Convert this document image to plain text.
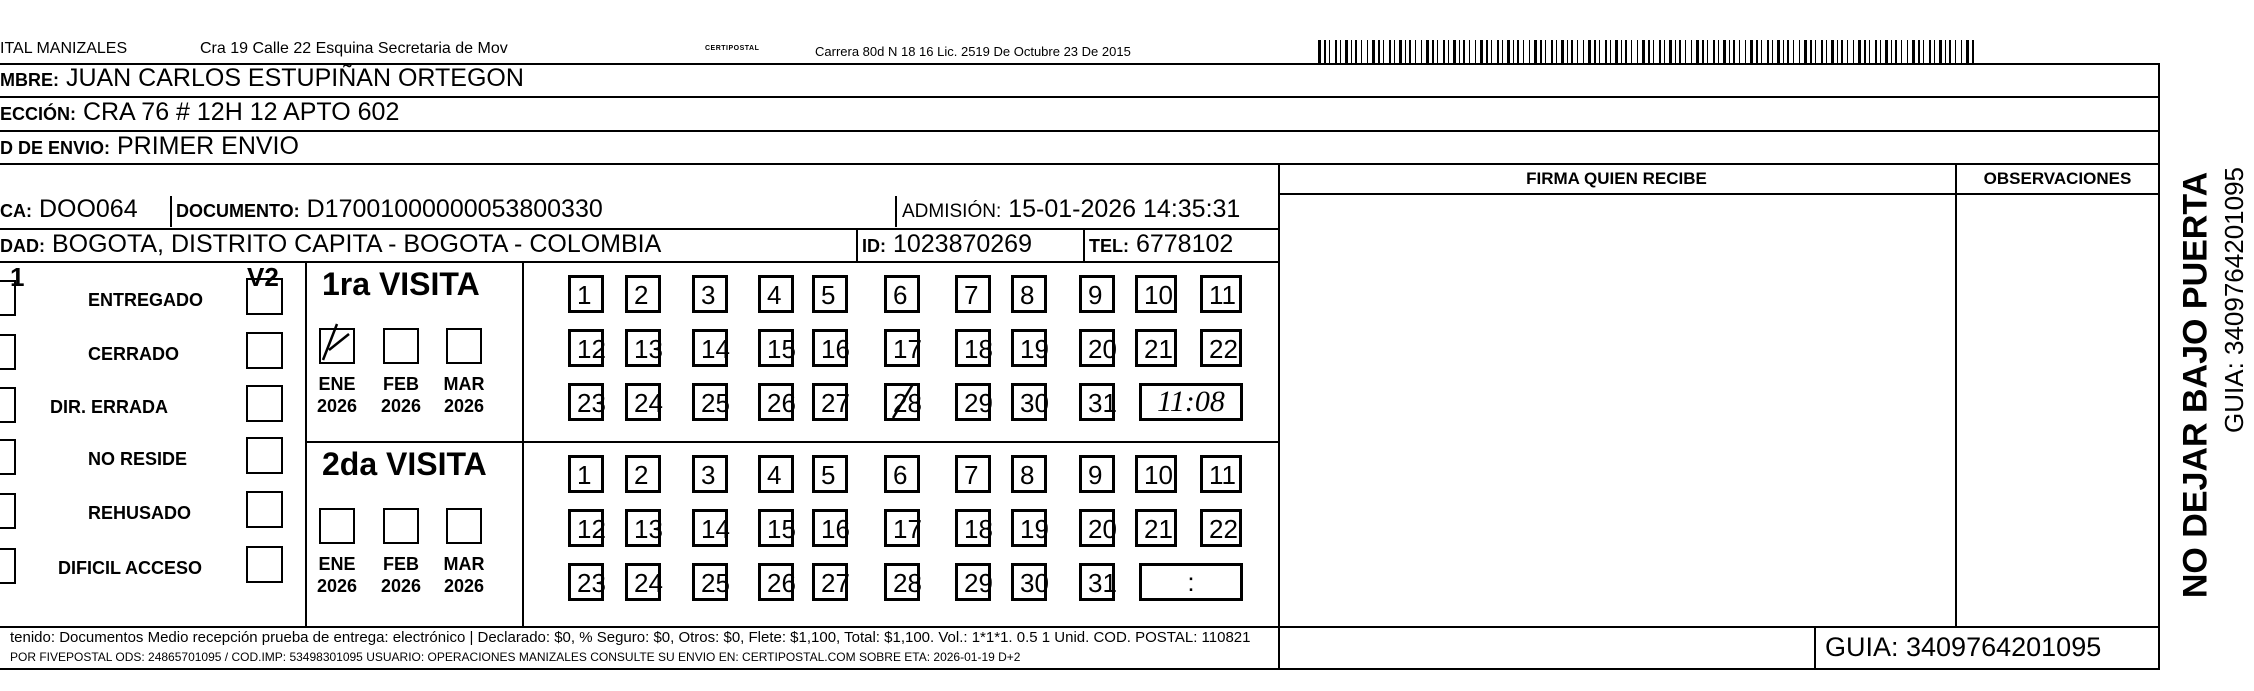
ITAL MANIZALES	Cra 19 Calle 22 Esquina Secretaria de Mov	CERTIPOSTAL	Carrera 80d N 18 16 Lic. 2519 De Octubre 23 De 2015
MBRE: JUAN CARLOS ESTUPIÑAN ORTEGON
ECCIÓN: CRA 76 # 12H 12 APTO 602
D DE ENVIO: PRIMER ENVIO
FIRMA QUIEN RECIBE	OBSERVACIONES
CA: DOO064 DOCUMENTO: D17001000000053800330	ADMISIÓN: 15-01-2026 14:35:31
DAD: BOGOTA, DISTRITO CAPITA - BOGOTA - COLOMBIA	ID: 1023870269	TEL: 6778102
1	V2
ENTREGADO
CERRADO
DIR. ERRADA
NO RESIDE
REHUSADO
DIFICIL ACCESO
1ra VISITA
ENE
2026
FEB
2026
MAR
2026
1 2 3 4 5 6 7 8 9 10 11
12 13 14 15 16 17 18 19 20 21 22
23 24 25 26 27 28 29 30 31 11:08
2da VISITA
ENE
2026
FEB
2026
MAR
2026
1 2 3 4 5 6 7 8 9 10 11
12 13 14 15 16 17 18 19 20 21 22
23 24 25 26 27 28 29 30 31	:
tenido: Documentos Medio recepción prueba de entrega: electrónico | Declarado: $0, % Seguro: $0, Otros: $0, Flete: $1,100, Total: $1,100. Vol.: 1*1*1. 0.5 1 Unid. COD. POSTAL: 110821
POR FIVEPOSTAL ODS: 24865701095 / COD.IMP: 53498301095 USUARIO: OPERACIONES MANIZALES CONSULTE SU ENVIO EN: CERTIPOSTAL.COM SOBRE ETA: 2026-01-19 D+2	GUIA: 3409764201095
NO DEJAR BAJO PUERTA GUIA: 3409764201095
